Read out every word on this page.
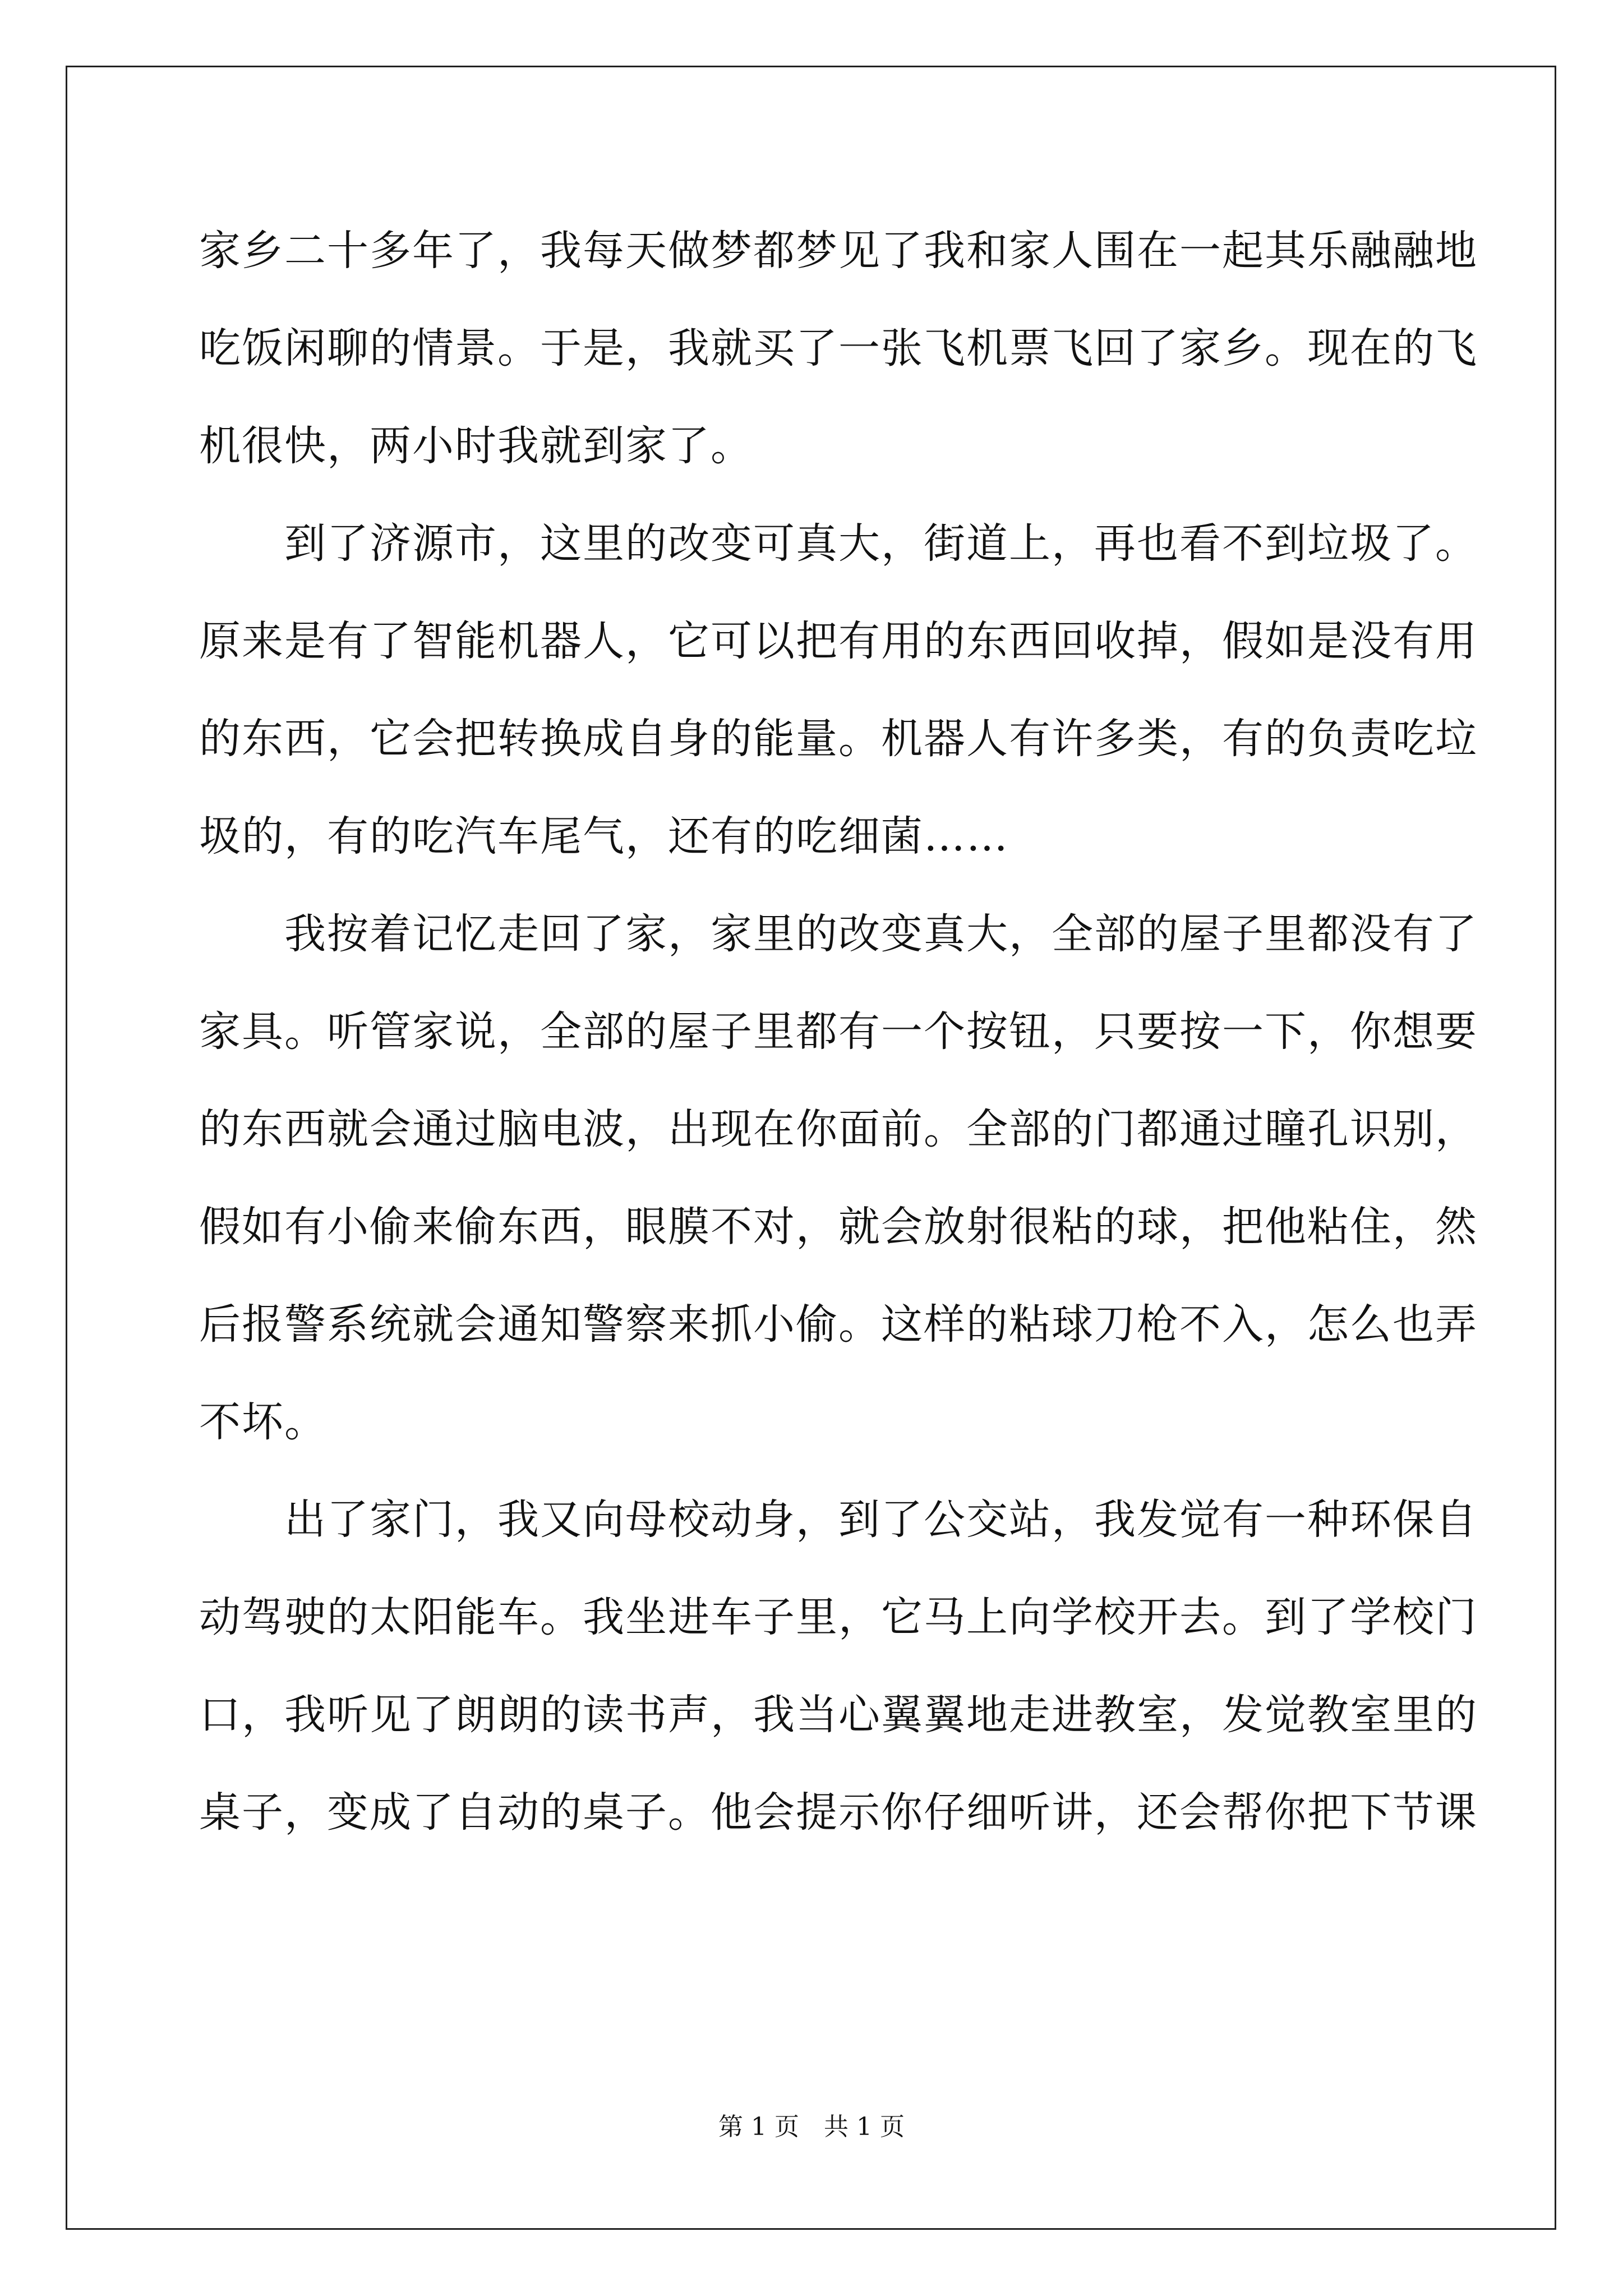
家乡二十多年了，我每天做梦都梦见了我和家人围在一起其乐融融地
吃饭闲聊的情景。于是，我就买了一张飞机票飞回了家乡。现在的飞
机很快，两小时我就到家了。
　　到了济源市，这里的改变可真大，街道上，再也看不到垃圾了。
原来是有了智能机器人，它可以把有用的东西回收掉，假如是没有用
的东西，它会把转换成自身的能量。机器人有许多类，有的负责吃垃
圾的，有的吃汽车尾气，还有的吃细菌……
　　我按着记忆走回了家，家里的改变真大，全部的屋子里都没有了
家具。听管家说，全部的屋子里都有一个按钮，只要按一下，你想要
的东西就会通过脑电波，出现在你面前。全部的门都通过瞳孔识别，
假如有小偷来偷东西，眼膜不对，就会放射很粘的球，把他粘住，然
后报警系统就会通知警察来抓小偷。这样的粘球刀枪不入，怎么也弄
不坏。
　　出了家门，我又向母校动身，到了公交站，我发觉有一种环保自
动驾驶的太阳能车。我坐进车子里，它马上向学校开去。到了学校门
口，我听见了朗朗的读书声，我当心翼翼地走进教室，发觉教室里的
桌子，变成了自动的桌子。他会提示你仔细听讲，还会帮你把下节课
第 1 页　共 1 页
